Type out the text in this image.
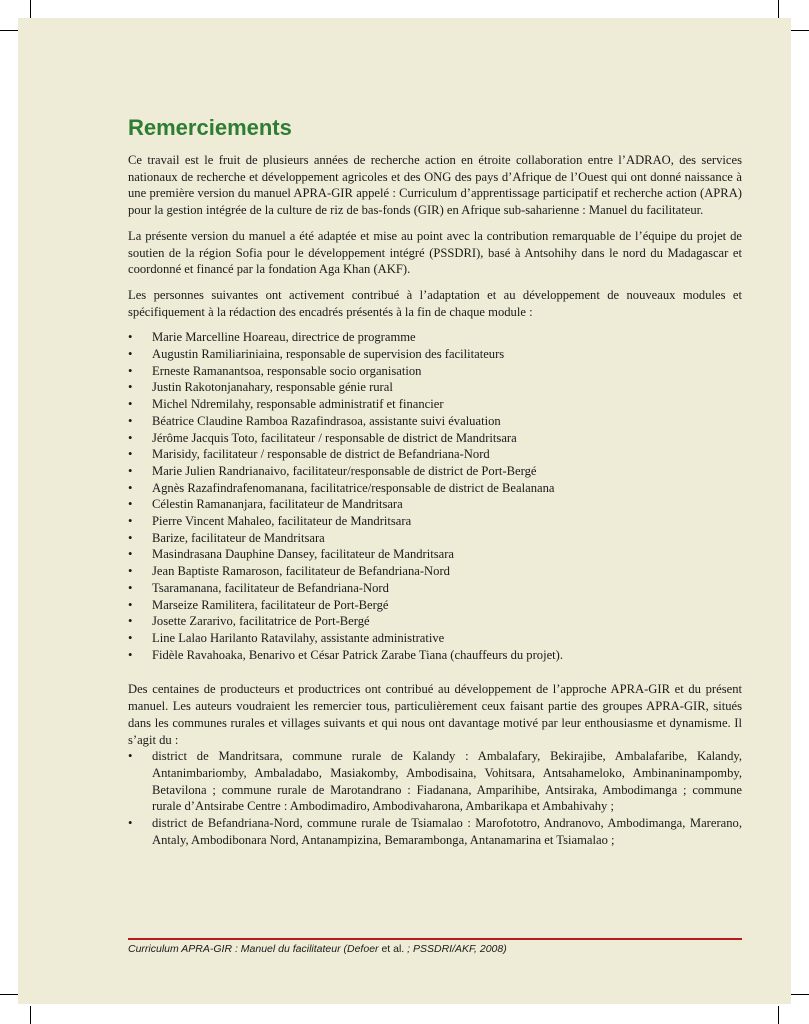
Remerciements

Ce travail est le fruit de plusieurs années de recherche action en étroite collaboration entre l’ADRAO, des services nationaux de recherche et développement agricoles et des ONG des pays d’Afrique de l’Ouest qui ont donné naissance à une première version du manuel APRA-GIR appelé : Curriculum d’apprentissage participatif et recherche action (APRA) pour la gestion intégrée de la culture de riz de bas-fonds (GIR) en Afrique sub-saharienne : Manuel du facilitateur.

La présente version du manuel a été adaptée et mise au point avec la contribution remarquable de l’équipe du projet de soutien de la région Sofia pour le développement intégré (PSSDRI), basé à Antsohihy dans le nord du Madagascar et coordonné et financé par la fondation Aga Khan (AKF).

Les personnes suivantes ont activement contribué à l’adaptation et au développement de nouveaux modules et spécifiquement à la rédaction des encadrés présentés à la fin de chaque module :

• Marie Marcelline Hoareau, directrice de programme
• Augustin Ramiliariniaina, responsable de supervision des facilitateurs
• Erneste Ramanantsoa, responsable socio organisation
• Justin Rakotonjanahary, responsable génie rural
• Michel Ndremilahy, responsable administratif et financier
• Béatrice Claudine Ramboa Razafindrasoa, assistante suivi évaluation
• Jérôme Jacquis Toto, facilitateur / responsable de district de Mandritsara
• Marisidy, facilitateur / responsable de district de Befandriana-Nord
• Marie Julien Randrianaivo, facilitateur/responsable de district de Port-Bergé
• Agnès Razafindrafenomanana, facilitatrice/responsable de district de Bealanana
• Célestin Ramananjara, facilitateur de Mandritsara
• Pierre Vincent Mahaleo, facilitateur de Mandritsara
• Barize, facilitateur de Mandritsara
• Masindrasana Dauphine Dansey, facilitateur de Mandritsara
• Jean Baptiste Ramaroson, facilitateur de Befandriana-Nord
• Tsaramanana, facilitateur de Befandriana-Nord
• Marseize Ramilitera, facilitateur de Port-Bergé
• Josette Zararivo, facilitatrice de Port-Bergé
• Line Lalao Harilanto Ratavilahy, assistante administrative
• Fidèle Ravahoaka, Benarivo et César Patrick Zarabe Tiana (chauffeurs du projet).

Des centaines de producteurs et productrices ont contribué au développement de l’approche APRA-GIR et du présent manuel. Les auteurs voudraient les remercier tous, particulièrement ceux faisant partie des groupes APRA-GIR, situés dans les communes rurales et villages suivants et qui nous ont davantage motivé par leur enthousiasme et dynamisme. Il s’agit du :

• district de Mandritsara, commune rurale de Kalandy : Ambalafary, Bekirajibe, Ambalafaribe, Kalandy, Antanimbariomby, Ambaladabo, Masiakomby, Ambodisaina, Vohitsara, Antsahameloko, Ambinaninampomby, Betavilona ; commune rurale de Marotandrano : Fiadanana, Amparihibe, Antsiraka, Ambodimanga ; commune rurale d’Antsirabe Centre : Ambodimadiro, Ambodivaharona, Ambarikapa et Ambahivahy ;
• district de Befandriana-Nord, commune rurale de Tsiamalao : Marofototro, Andranovo, Ambodimanga, Marerano, Antaly, Ambodibonara Nord, Antanampizina, Bemarambonga, Antanamarina et Tsiamalao ;
Curriculum APRA-GIR : Manuel du facilitateur (Defoer et al. ; PSSDRI/AKF, 2008)
